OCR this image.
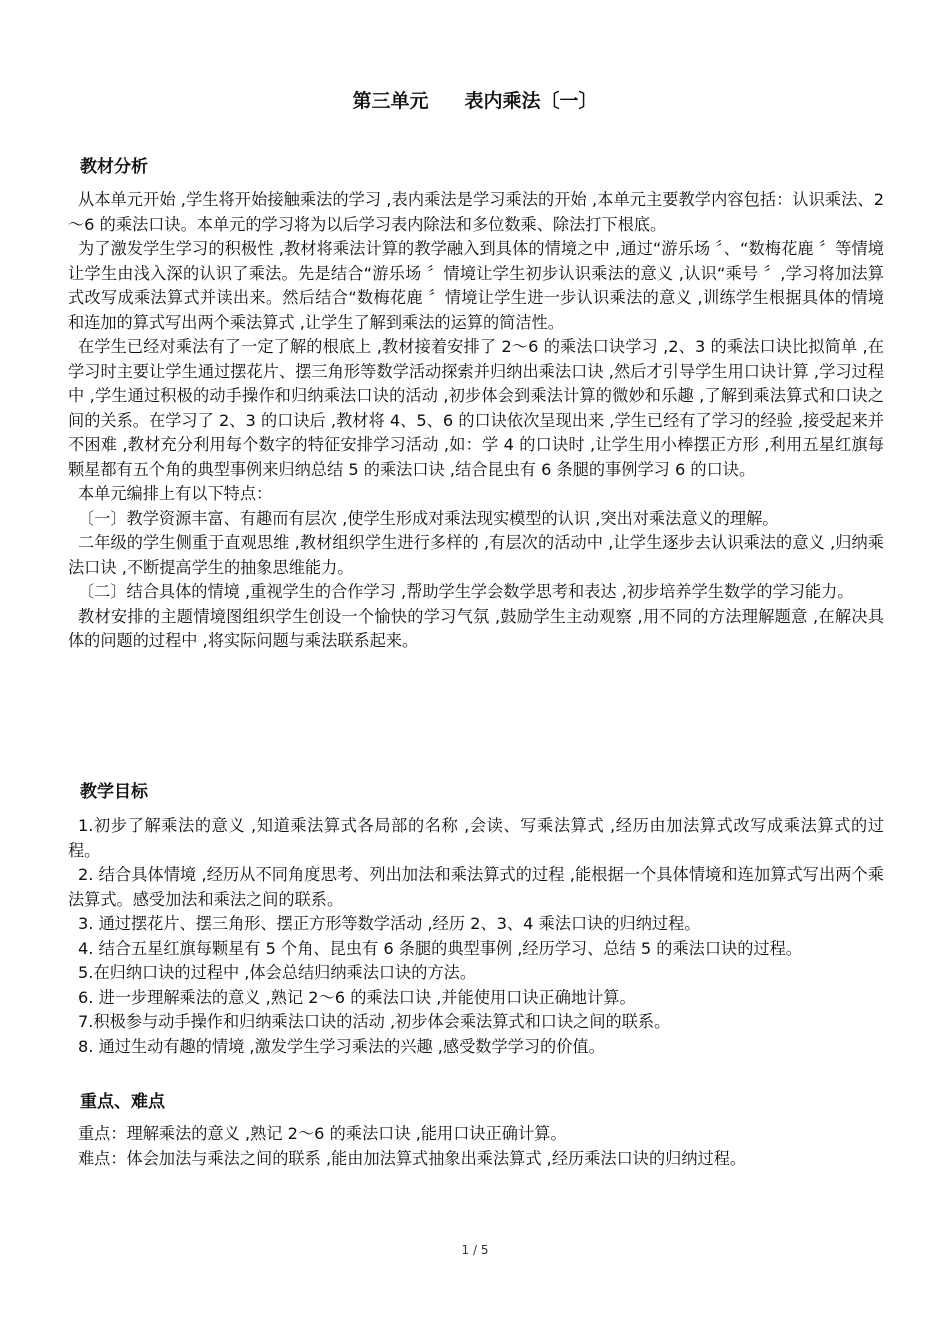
第三单元 表内乘法〔一〕
教材分析

从本单元开始 ,学生将开始接触乘法的学习 ,表内乘法是学习乘法的开始 ,本单元主要教学内容包括：认识乘法、2～6 的乘法口诀。本单元的学习将为以后学习表内除法和多位数乘、除法打下根底。

为了激发学生学习的积极性 ,教材将乘法计算的教学融入到具体的情境之中 ,通过“游乐场 〞、“数梅花鹿 〞等情境让学生由浅入深的认识了乘法。先是结合“游乐场 〞情境让学生初步认识乘法的意义 ,认识“乘号 〞,学习将加法算式改写成乘法算式并读出来。然后结合“数梅花鹿 〞情境让学生进一步认识乘法的意义 ,训练学生根据具体的情境和连加的算式写出两个乘法算式 ,让学生了解到乘法的运算的简洁性。

在学生已经对乘法有了一定了解的根底上 ,教材接着安排了 2～6 的乘法口诀学习 ,2、3 的乘法口诀比拟简单 ,在学习时主要让学生通过摆花片、摆三角形等数学活动探索并归纳出乘法口诀 ,然后才引导学生用口诀计算 ,学习过程中 ,学生通过积极的动手操作和归纳乘法口诀的活动 ,初步体会到乘法计算的微妙和乐趣 ,了解到乘法算式和口诀之间的关系。在学习了 2、3 的口诀后 ,教材将 4、5、6 的口诀依次呈现出来 ,学生已经有了学习的经验 ,接受起来并不困难 ,教材充分利用每个数字的特征安排学习活动 ,如：学 4 的口诀时 ,让学生用小棒摆正方形 ,利用五星红旗每颗星都有五个角的典型事例来归纳总结 5 的乘法口诀 ,结合昆虫有 6 条腿的事例学习 6 的口诀。

本单元编排上有以下特点：

〔一〕教学资源丰富、有趣而有层次 ,使学生形成对乘法现实模型的认识 ,突出对乘法意义的理解。

二年级的学生侧重于直观思维 ,教材组织学生进行多样的 ,有层次的活动中 ,让学生逐步去认识乘法的意义 ,归纳乘法口诀 ,不断提高学生的抽象思维能力。

〔二〕结合具体的情境 ,重视学生的合作学习 ,帮助学生学会数学思考和表达 ,初步培养学生数学的学习能力。

教材安排的主题情境图组织学生创设一个愉快的学习气氛 ,鼓励学生主动观察 ,用不同的方法理解题意 ,在解决具体的问题的过程中 ,将实际问题与乘法联系起来。

教学目标

1.初步了解乘法的意义 ,知道乘法算式各局部的名称 ,会读、写乘法算式 ,经历由加法算式改写成乘法算式的过程。

2. 结合具体情境 ,经历从不同角度思考、列出加法和乘法算式的过程 ,能根据一个具体情境和连加算式写出两个乘法算式。感受加法和乘法之间的联系。

3. 通过摆花片、摆三角形、摆正方形等数学活动 ,经历 2、3、4 乘法口诀的归纳过程。

4. 结合五星红旗每颗星有 5 个角、昆虫有 6 条腿的典型事例 ,经历学习、总结 5 的乘法口诀的过程。

5.在归纳口诀的过程中 ,体会总结归纳乘法口诀的方法。

6. 进一步理解乘法的意义 ,熟记 2～6 的乘法口诀 ,并能使用口诀正确地计算。

7.积极参与动手操作和归纳乘法口诀的活动 ,初步体会乘法算式和口诀之间的联系。

8. 通过生动有趣的情境 ,激发学生学习乘法的兴趣 ,感受数学学习的价值。

重点、难点

重点：理解乘法的意义 ,熟记 2～6 的乘法口诀 ,能用口诀正确计算。

难点：体会加法与乘法之间的联系 ,能由加法算式抽象出乘法算式 ,经历乘法口诀的归纳过程。

1 / 5
